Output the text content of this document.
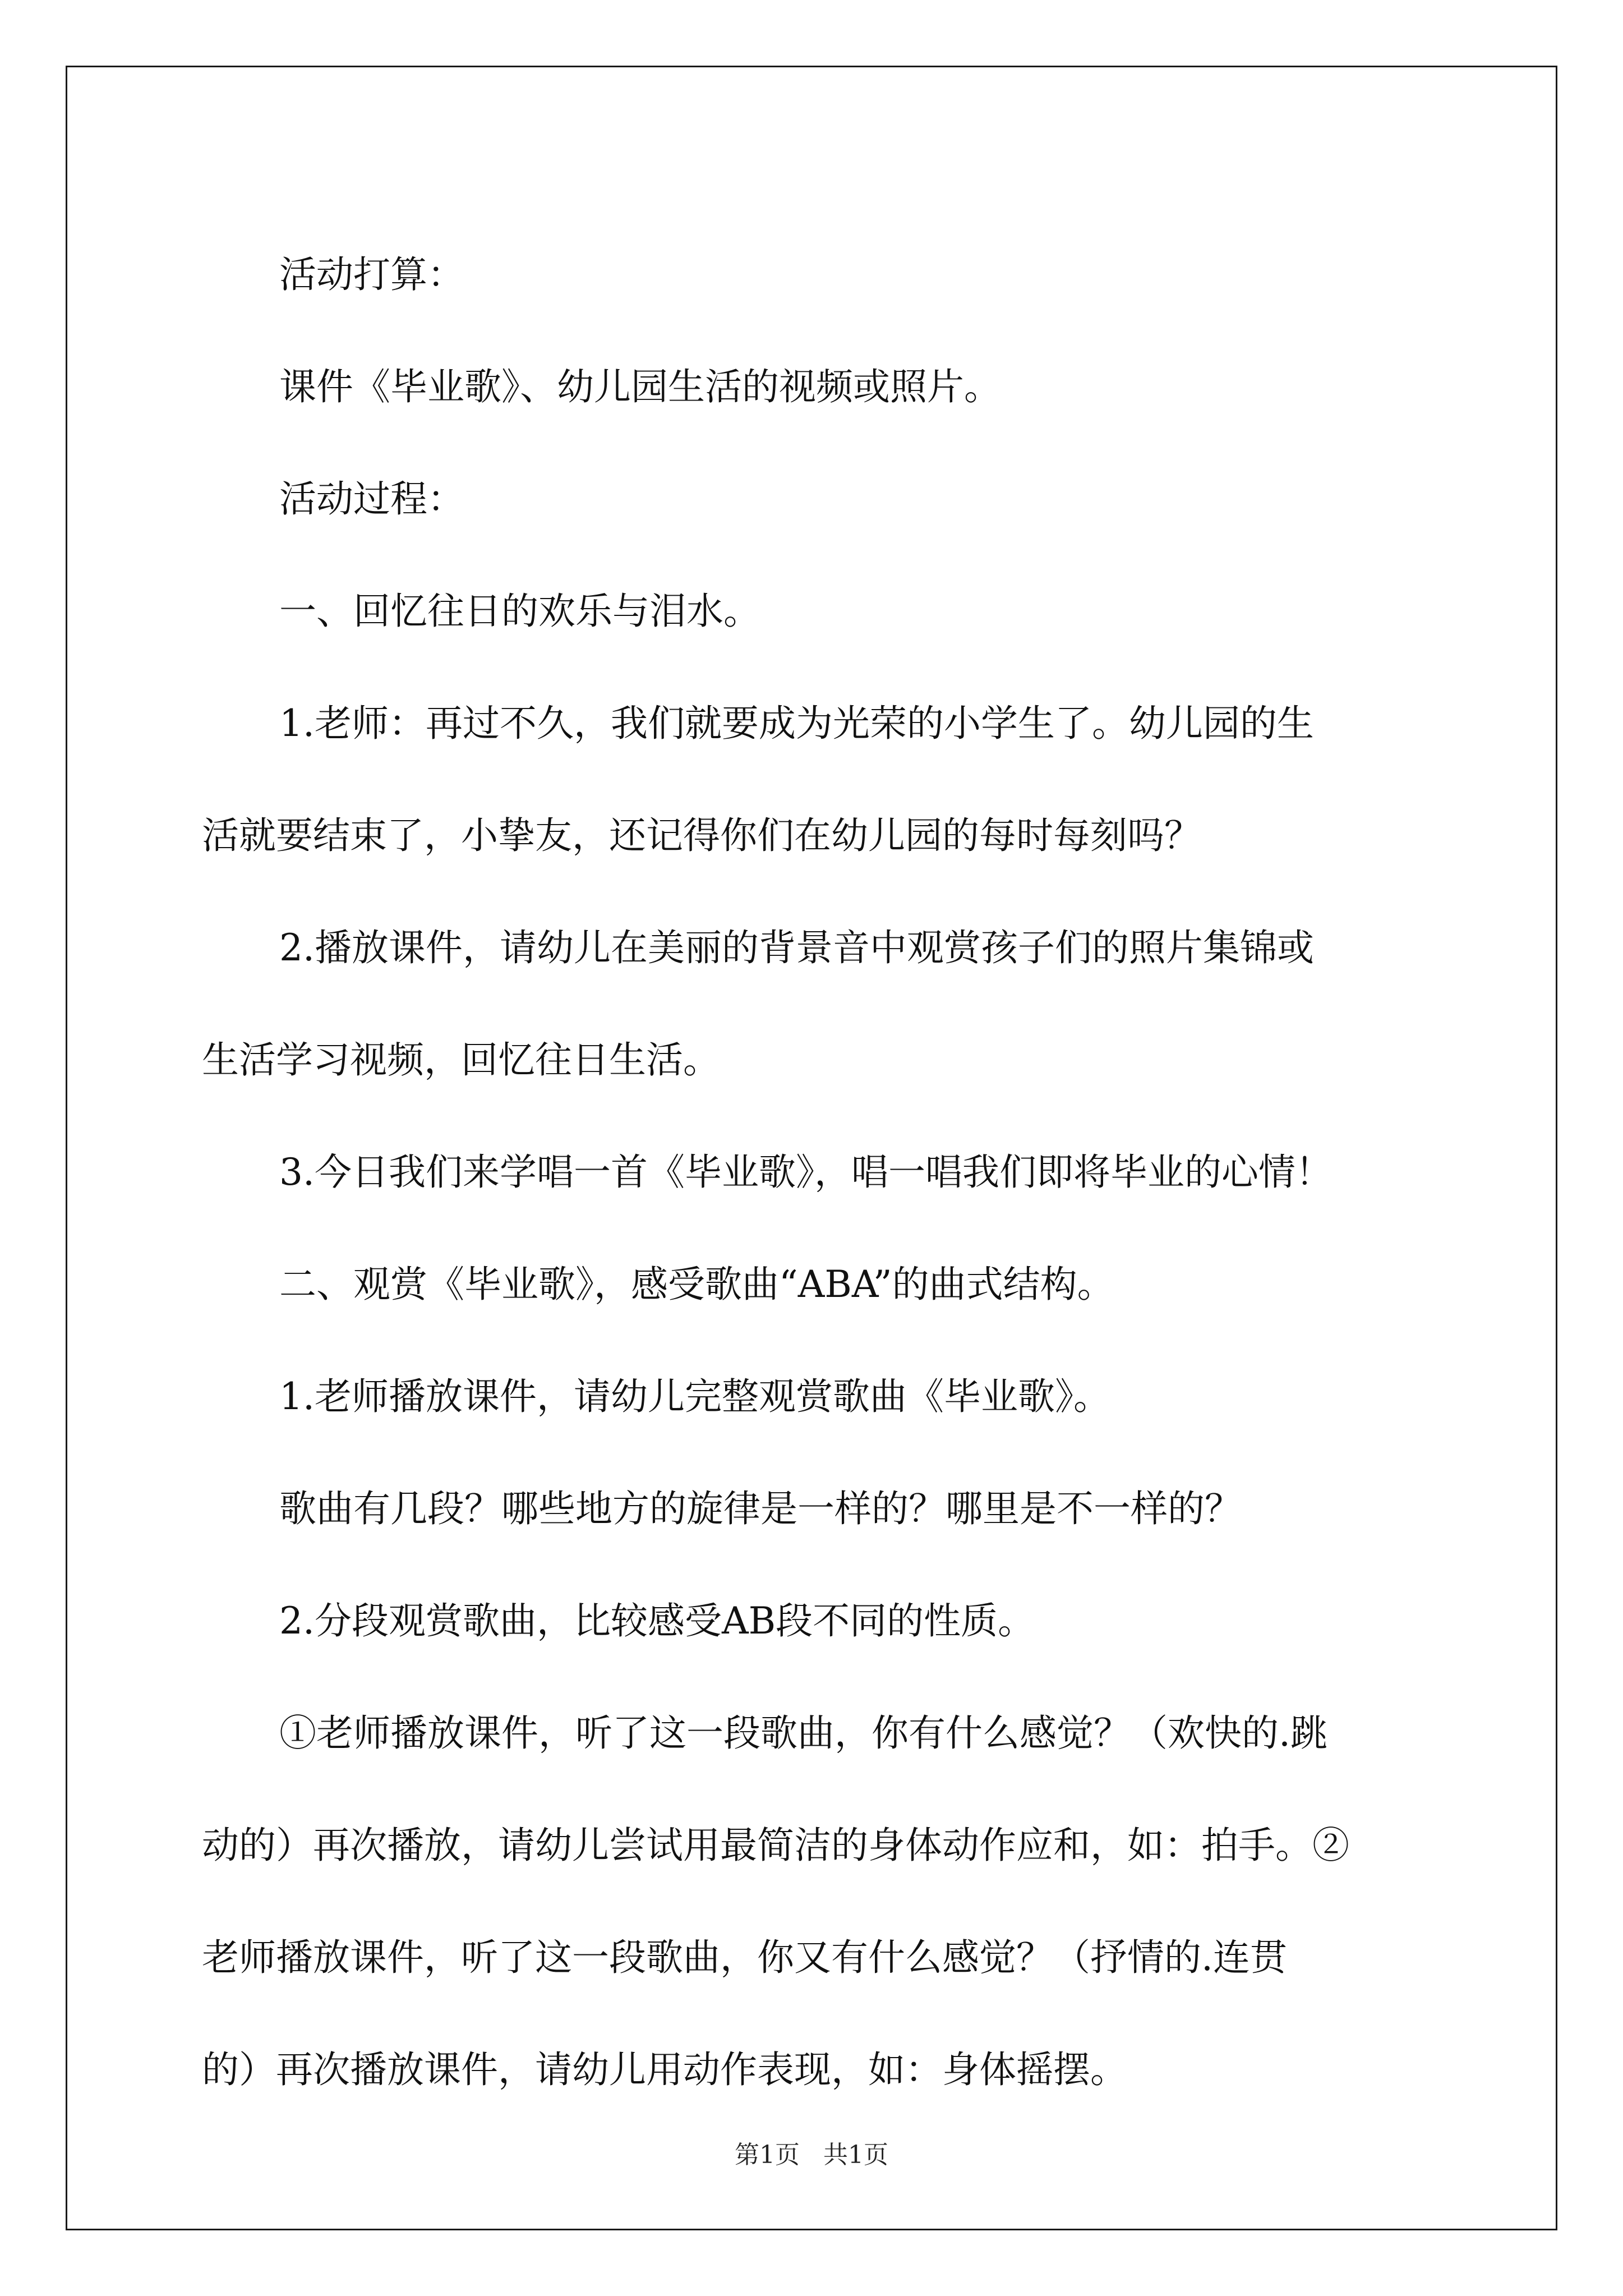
活动打算：

课件《毕业歌》、幼儿园生活的视频或照片。

活动过程：

一、回忆往日的欢乐与泪水。

1.老师：再过不久，我们就要成为光荣的小学生了。幼儿园的生
活就要结束了，小挚友，还记得你们在幼儿园的每时每刻吗？
2.播放课件，请幼儿在美丽的背景音中观赏孩子们的照片集锦或
生活学习视频，回忆往日生活。

3.今日我们来学唱一首《毕业歌》，唱一唱我们即将毕业的心情！

二、观赏《毕业歌》，感受歌曲“ABA”的曲式结构。

1.老师播放课件，请幼儿完整观赏歌曲《毕业歌》。

歌曲有几段？哪些地方的旋律是一样的？哪里是不一样的？

2.分段观赏歌曲，比较感受AB段不同的性质。

①老师播放课件，听了这一段歌曲，你有什么感觉？（欢快的.跳
动的）再次播放，请幼儿尝试用最简洁的身体动作应和，如：拍手。②
老师播放课件，听了这一段歌曲，你又有什么感觉？（抒情的.连贯
的）再次播放课件，请幼儿用动作表现，如：身体摇摆。
第1页 共1页
